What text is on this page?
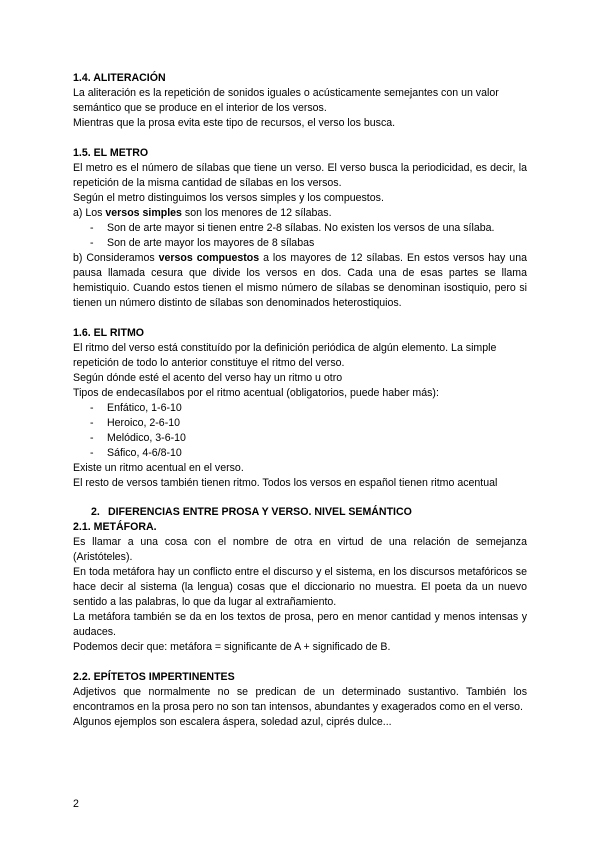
1.4. ALITERACIÓN

La aliteración es la repetición de sonidos iguales o acústicamente semejantes con un valor semántico que se produce en el interior de los versos.

Mientras que la prosa evita este tipo de recursos, el verso los busca.

1.5. EL METRO

El metro es el número de sílabas que tiene un verso. El verso busca la periodicidad, es decir, la repetición de la misma cantidad de sílabas en los versos.

Según el metro distinguimos los versos simples y los compuestos.

a) Los versos simples son los menores de 12 sílabas.

- Son de arte mayor si tienen entre 2-8 sílabas. No existen los versos de una sílaba.
- Son de arte mayor los mayores de 8 sílabas

b) Consideramos versos compuestos a los mayores de 12 sílabas. En estos versos hay una pausa llamada cesura que divide los versos en dos. Cada una de esas partes se llama hemistiquio. Cuando estos tienen el mismo número de sílabas se denominan isostiquio, pero si tienen un número distinto de sílabas son denominados heterostiquios.

1.6. EL RITMO

El ritmo del verso está constituído por la definición periódica de algún elemento. La simple repetición de todo lo anterior constituye el ritmo del verso.

Según dónde esté el acento del verso hay un ritmo u otro

Tipos de endecasílabos por el ritmo acentual (obligatorios, puede haber más):

- Enfático, 1-6-10
- Heroico, 2-6-10
- Melódico, 3-6-10
- Sáfico, 4-6/8-10

Existe un ritmo acentual en el verso.

El resto de versos también tienen ritmo. Todos los versos en español tienen ritmo acentual

2. DIFERENCIAS ENTRE PROSA Y VERSO. NIVEL SEMÁNTICO
2.1. METÁFORA.

Es llamar a una cosa con el nombre de otra en virtud de una relación de semejanza (Aristóteles).

En toda metáfora hay un conflicto entre el discurso y el sistema, en los discursos metafóricos se hace decir al sistema (la lengua) cosas que el diccionario no muestra. El poeta da un nuevo sentido a las palabras, lo que da lugar al extrañamiento.

La metáfora también se da en los textos de prosa, pero en menor cantidad y menos intensas y audaces.

Podemos decir que: metáfora = significante de A + significado de B.

2.2. EPÍTETOS IMPERTINENTES

Adjetivos que normalmente no se predican de un determinado sustantivo. También los encontramos en la prosa pero no son tan intensos, abundantes y exagerados como en el verso.

Algunos ejemplos son escalera áspera, soledad azul, ciprés dulce...

2
